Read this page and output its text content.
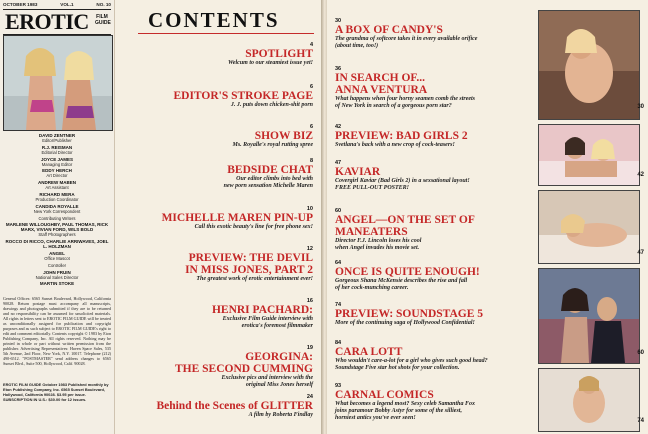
OCTOBER 1983	VOL.1	NO. 10
EROTIC FILM GUIDE
DAVID ZENTNER
Editor/Publisher
R.J. REISMAN
Editorial Director
JOYCE JAMES
Managing Editor
EDDY HERCH
Art Director
ANDREW MABEN
Art Assistant
RICHARD MERA
Production Coordinator
CANDIDA ROYALLE
New York Correspondent
Contributing Writers
MARLENE WILLOUGHBY, PAUL THOMAS, RICK MARX, VIVIAN FORD, WILS BOLD
Staff Photographers
ROCCO DI RICCO, CHARLIE ARRIWAVES, JOEL L. HOLZMAN
ANGEL
Office Mascot
Controller
JOHN FRUIN
National Sales Director
MARTIN STOKE
General Offices: 6565 Sunset Boulevard, Hollywood, California 90028. Return postage must accompany all manuscripts, drawings and photographs submitted if they are to be returned and no responsibility can be assumed for unsolicited materials. All rights in letters sent to EROTIC FILM GUIDE will be treated as unconditionally assigned for publication and copyright purposes and as such subject to EROTIC FILM GUIDE's right to edit and comment editorially. Contents copyright © 1983 by Eton Publishing Company, Inc. All rights reserved. Nothing may be printed in whole or part without written permission from the publisher. Advertising Representatives: Haven Space Sales, 535 5th Avenue, 2nd Floor, New York, N.Y. 10017. Telephone (212) 490-6512. "POSTMASTER" send address changes to 6565 Sunset Blvd., Suite 500, Hollywood, Calif. 90028.
EROTIC FILM GUIDE October 1983 Published monthly by Eton Publishing Company, Inc. 6565 Sunset Boulevard, Hollywood, California 90028. $3.95 per issue. SUBSCRIPTION IN U.S.: $30.00 for 12 issues.
CONTENTS
4
SPOTLIGHT
Welcum to our steamiest issue yet!
6
EDITOR'S STROKE PAGE
J. J. puts down chicken-shit porn
6
SHOW BIZ
Ms. Royalle's royal rutting spree
8
BEDSIDE CHAT
Our editor climbs into bed with
new porn sensation Michelle Maren
10
MICHELLE MAREN PIN-UP
Call this exotic beauty's line for free phone sex!
12
PREVIEW: THE DEVIL
IN MISS JONES, PART 2
The greatest work of erotic entertainment ever!
16
HENRI PACHARD:
Exclusive Film Guide interview with
erotica's foremost filmmaker
19
GEORGINA:
THE SECOND CUMMING
Exclusive pics and interview with the
original Miss Jones herself
24
Behind the Scenes of GLITTER
A film by Roberta Findlay
30
A BOX OF CANDY'S
The grandma of softcore takes it in every available orifice
(about time, too!)
36
IN SEARCH OF...
ANNA VENTURA
What happens when four horny seamen comb the streets
of New York in search of a gorgeous porn star?
42
PREVIEW: BAD GIRLS 2
Svetlana's back with a new crop of cock-teasers!
47
KAVIAR
Covergirl Kaviar (Bad Girls 2) in a sexsational layout!
FREE PULL-OUT POSTER!
60
ANGEL—ON THE SET OF
MANEATERS
Director F.J. Lincoln loses his cool
when Angel invades his movie set.
64
ONCE IS QUITE ENOUGH!
Gorgeous Shana McKensie describes the rise and fall
of her cock-munching career.
74
PREVIEW: SOUNDSTAGE 5
More of the continuing saga of Hollywood Confidential!
84
CARA LOTT
Who wouldn't care-a-lot for a girl who gives such good head?
Soundstage Five star hot shots for your collection.
93
CARNAL COMICS
What becomes a legend most? Sexy celeb Samantha Fox
joins paramour Bobby Astyr for some of the silliest,
horniest antics you've ever seen!
30
42
47
60
74
